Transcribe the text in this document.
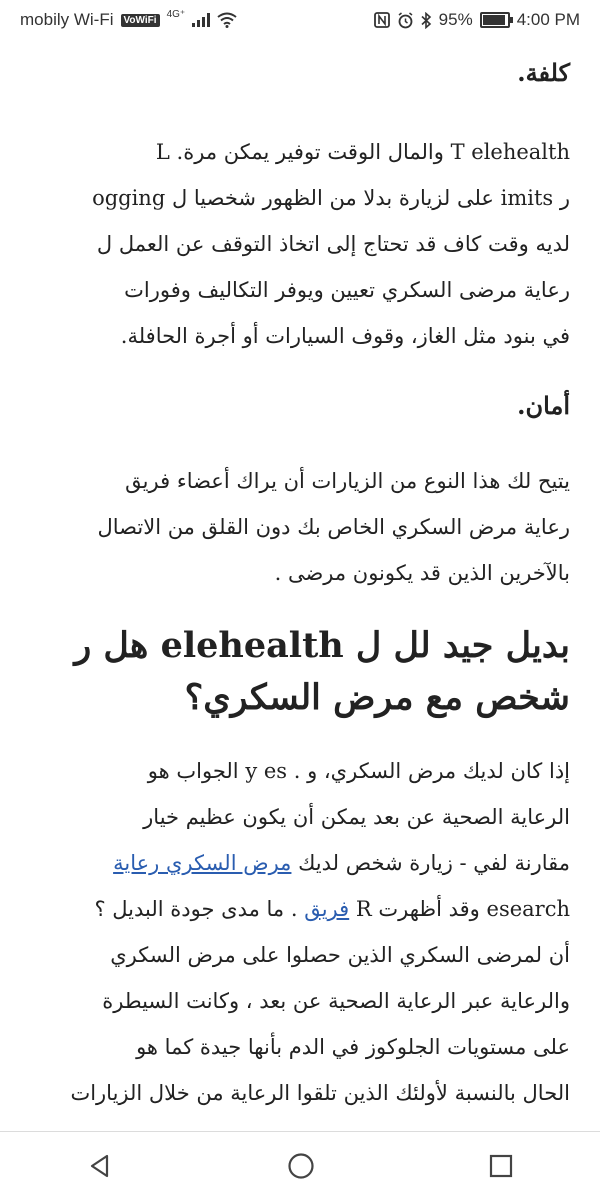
mobily Wi-Fi	VoWiFi
4G⁺	95%	4:00 PM
كلفة.

T elehealth والمال الوقت توفير يمكن مرة. L

ر imits على لزيارة بدلا من الظهور شخصيا ل ogging

لديه وقت كاف قد تحتاج إلى اتخاذ التوقف عن العمل ل

رعاية مرضى السكري تعيين ويوفر التكاليف وفورات

في بنود مثل الغاز، وقوف السيارات أو أجرة الحافلة.

أمان.

يتيح لك هذا النوع من الزيارات أن يراك أعضاء فريق

رعاية مرض السكري الخاص بك دون القلق من الاتصال

بالآخرين الذين قد يكونون مرضى .

بديل جيد لل ل elehealth هل ر
شخص مع مرض السكري؟

إذا كان لديك مرض السكري، و . y es الجواب هو

الرعاية الصحية عن بعد يمكن أن يكون عظيم خيار

مقارنة لفي - زيارة شخص لديك مرض السكري رعاية

esearch وقد أظهرت R فريق . ما مدى جودة البديل ؟

أن لمرضى السكري الذين حصلوا على مرض السكري

والرعاية عبر الرعاية الصحية عن بعد ، وكانت السيطرة

على مستويات الجلوكوز في الدم بأنها جيدة كما هو

الحال بالنسبة لأولئك الذين تلقوا الرعاية من خلال الزيارات
